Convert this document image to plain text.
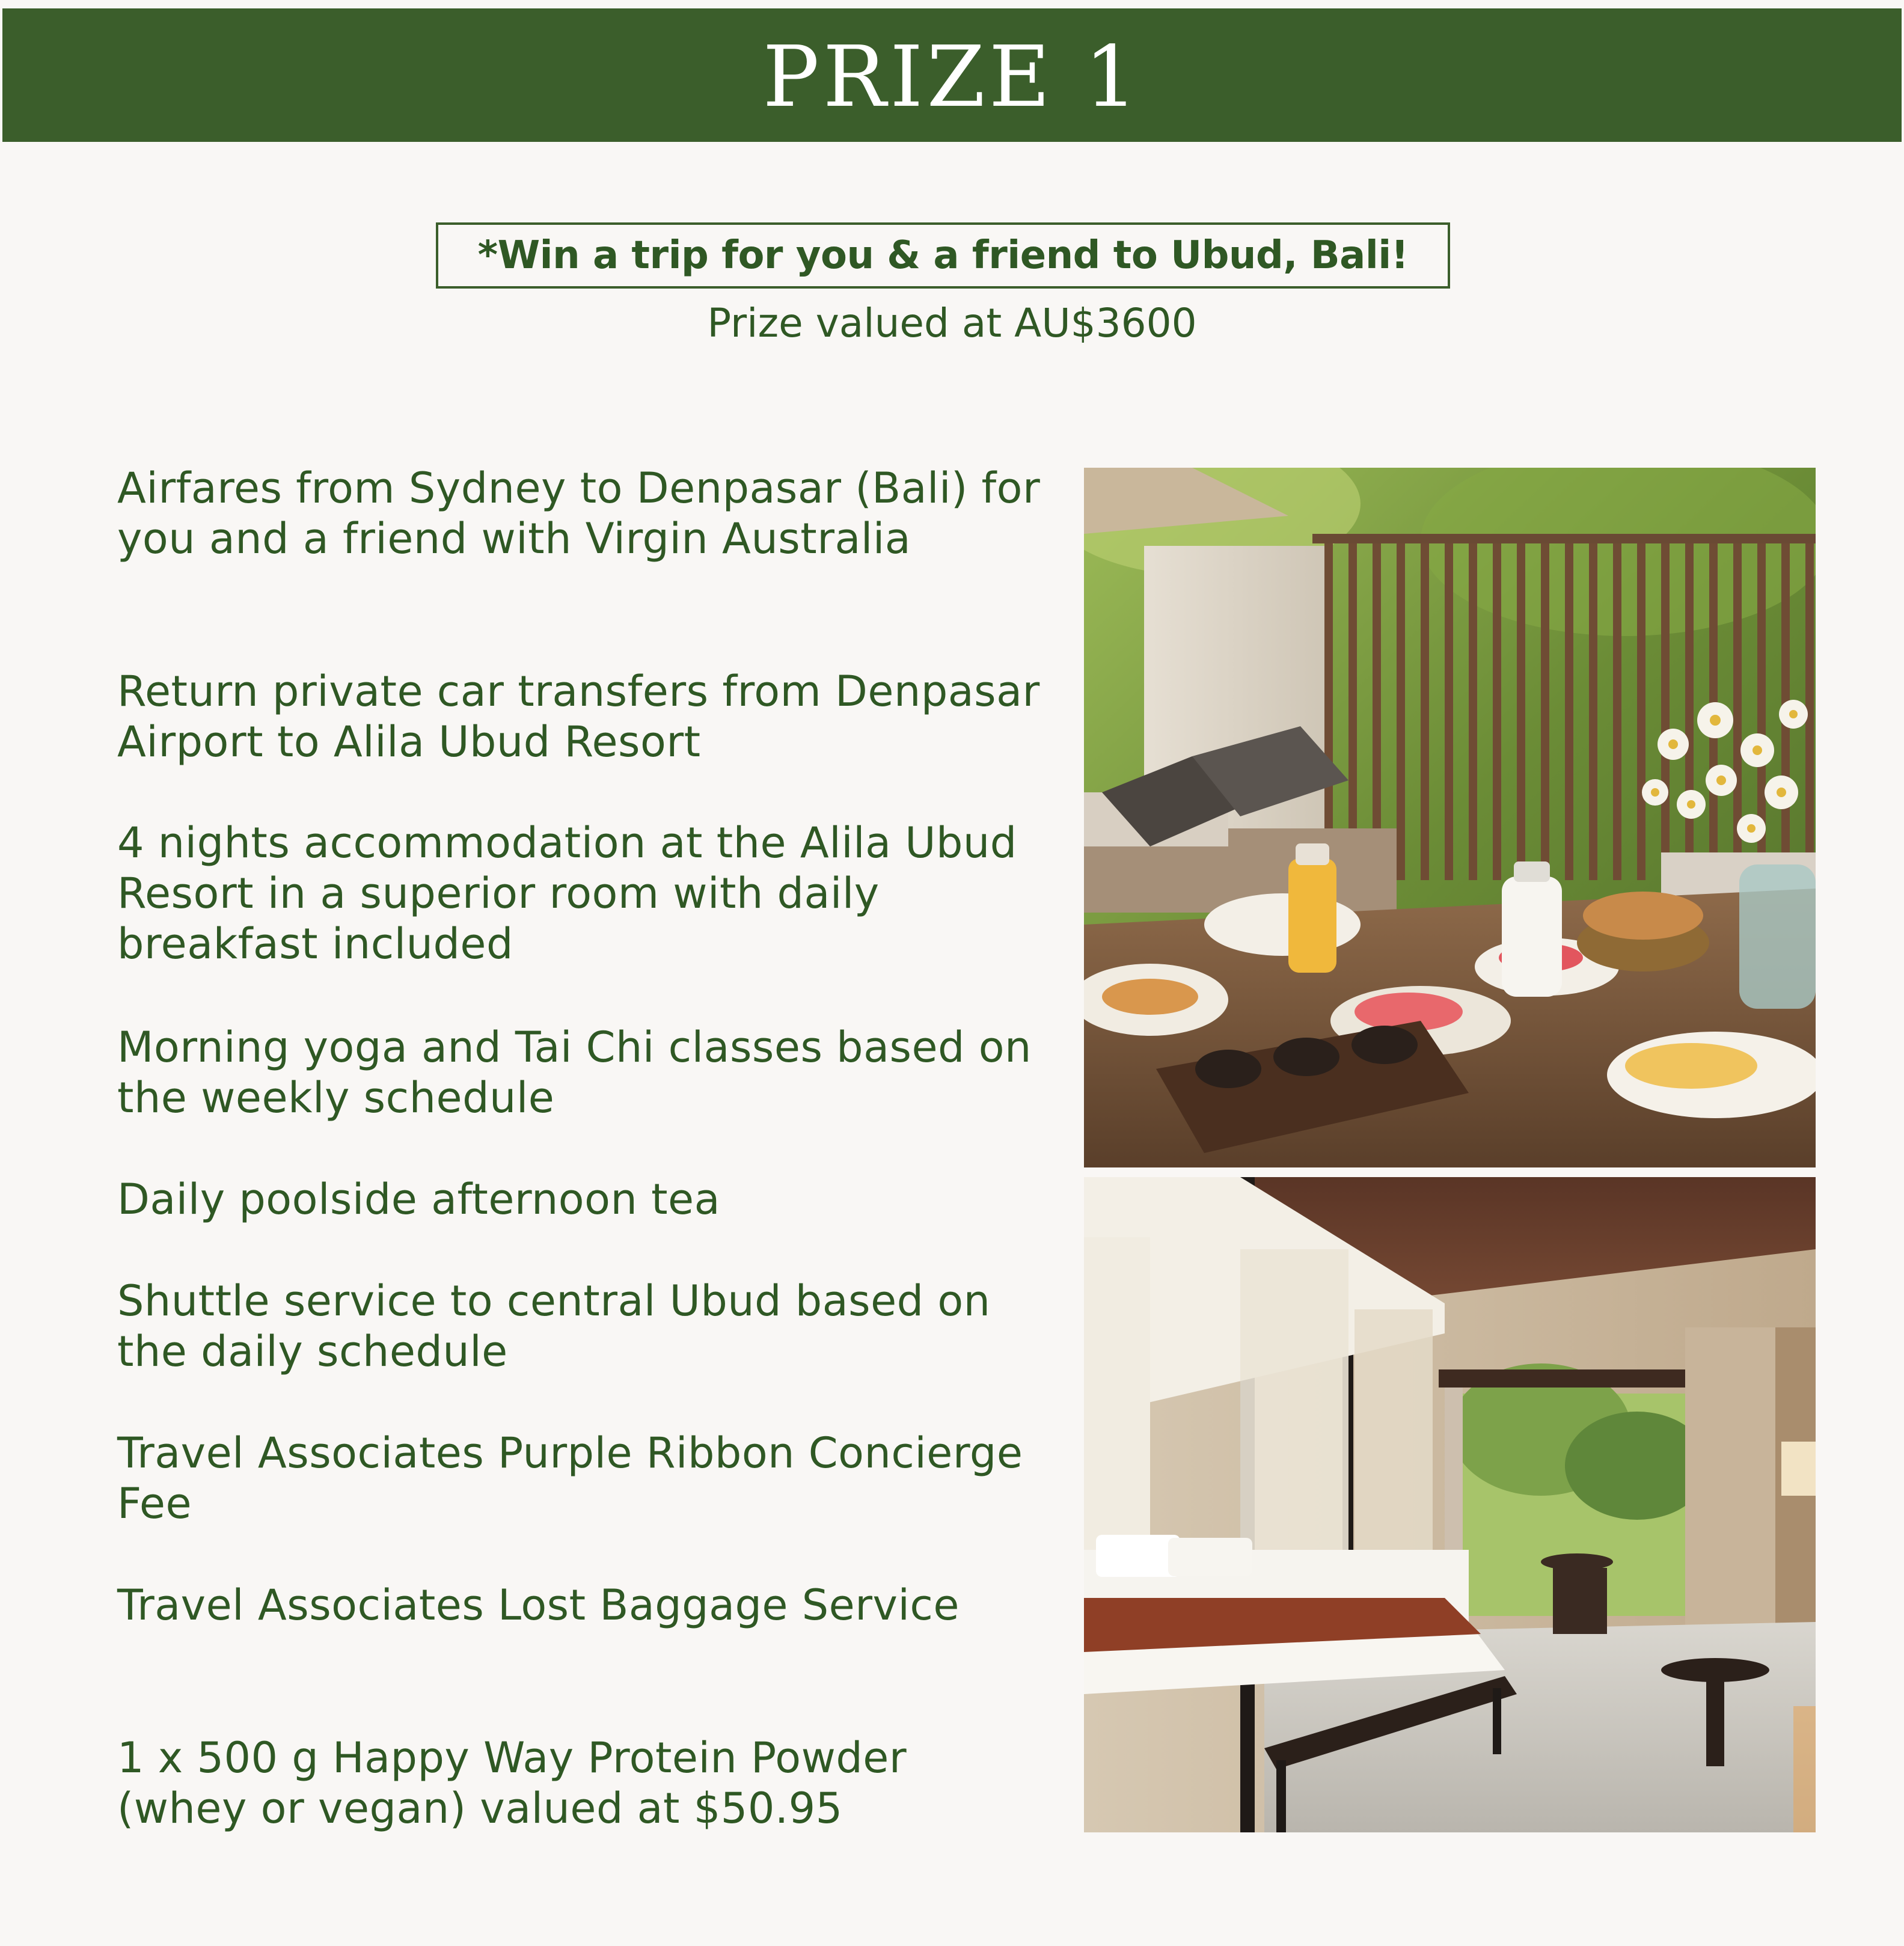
PRIZE 1
*Win a trip for you & a friend to Ubud, Bali!
Prize valued at AU$3600
Airfares from Sydney to Denpasar (Bali) for you and a friend with Virgin Australia
Return private car transfers from Denpasar Airport to Alila Ubud Resort
4 nights accommodation at the Alila Ubud Resort in a superior room with daily breakfast included
Morning yoga and Tai Chi classes based on the weekly schedule
Daily poolside afternoon tea
Shuttle service to central Ubud based on the daily schedule
Travel Associates Purple Ribbon Concierge Fee
Travel Associates Lost Baggage Service
1 x 500 g Happy Way Protein Powder (whey or vegan) valued at $50.95
